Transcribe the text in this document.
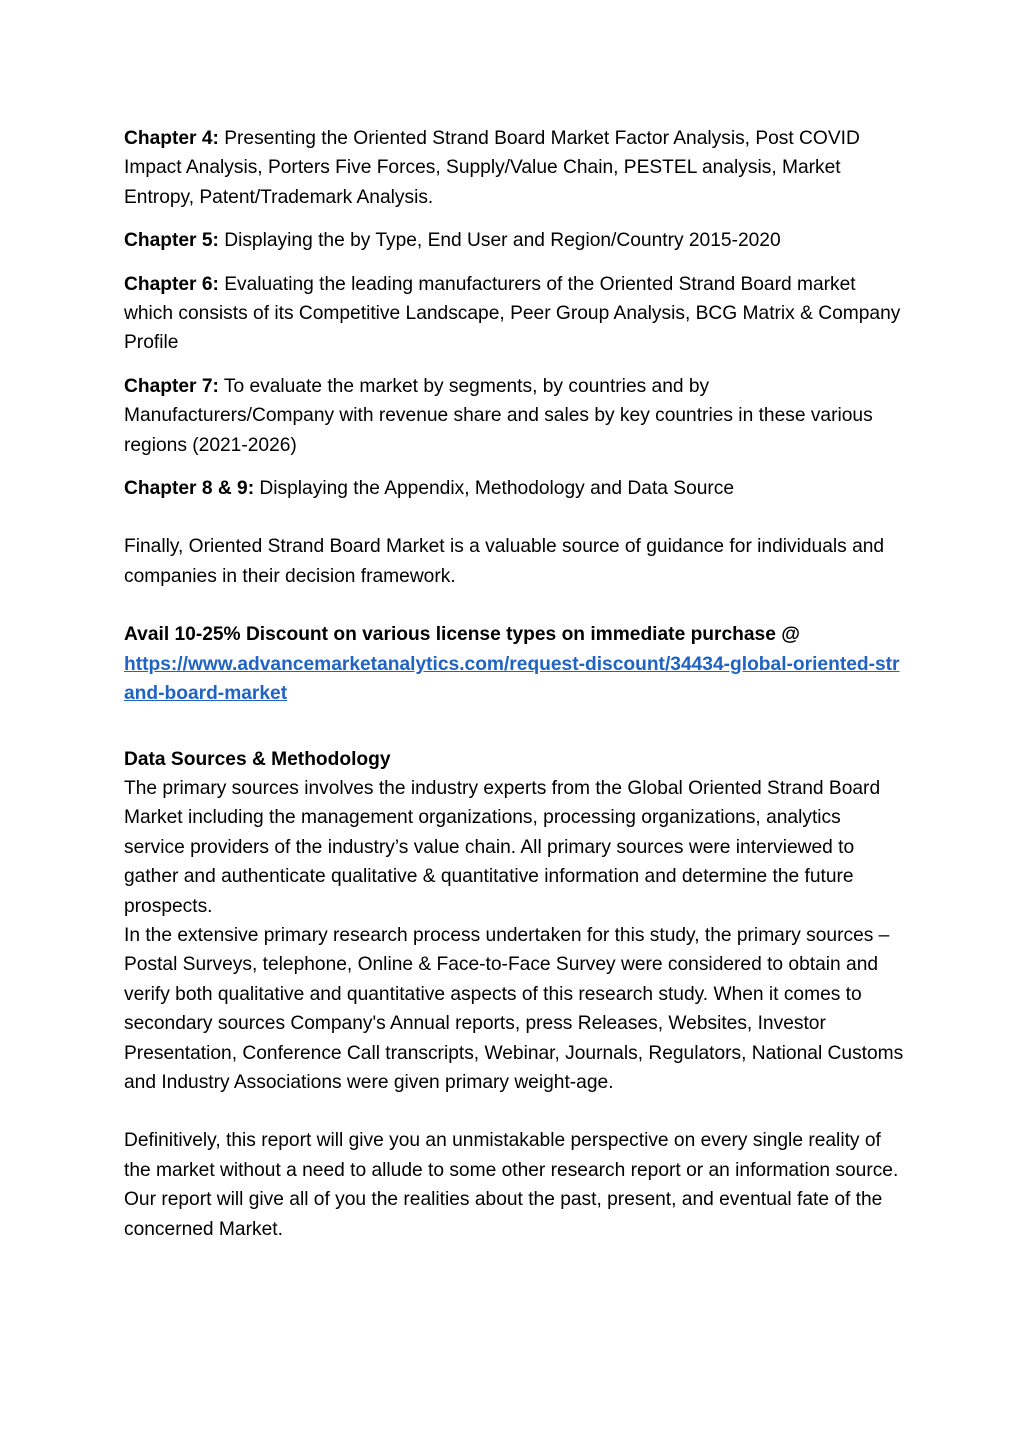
Chapter 4: Presenting the Oriented Strand Board Market Factor Analysis, Post COVID Impact Analysis, Porters Five Forces, Supply/Value Chain, PESTEL analysis, Market Entropy, Patent/Trademark Analysis.

Chapter 5: Displaying the by Type, End User and Region/Country 2015-2020

Chapter 6: Evaluating the leading manufacturers of the Oriented Strand Board market which consists of its Competitive Landscape, Peer Group Analysis, BCG Matrix & Company Profile

Chapter 7: To evaluate the market by segments, by countries and by Manufacturers/Company with revenue share and sales by key countries in these various regions (2021-2026)

Chapter 8 & 9: Displaying the Appendix, Methodology and Data Source

Finally, Oriented Strand Board Market is a valuable source of guidance for individuals and companies in their decision framework.

Avail 10-25% Discount on various license types on immediate purchase @
https://www.advancemarketanalytics.com/request-discount/34434-global-oriented-strand-board-market

Data Sources & Methodology

The primary sources involves the industry experts from the Global Oriented Strand Board Market including the management organizations, processing organizations, analytics service providers of the industry’s value chain. All primary sources were interviewed to gather and authenticate qualitative & quantitative information and determine the future prospects.

In the extensive primary research process undertaken for this study, the primary sources – Postal Surveys, telephone, Online & Face-to-Face Survey were considered to obtain and verify both qualitative and quantitative aspects of this research study. When it comes to secondary sources Company's Annual reports, press Releases, Websites, Investor Presentation, Conference Call transcripts, Webinar, Journals, Regulators, National Customs and Industry Associations were given primary weight-age.

Definitively, this report will give you an unmistakable perspective on every single reality of the market without a need to allude to some other research report or an information source. Our report will give all of you the realities about the past, present, and eventual fate of the concerned Market.
